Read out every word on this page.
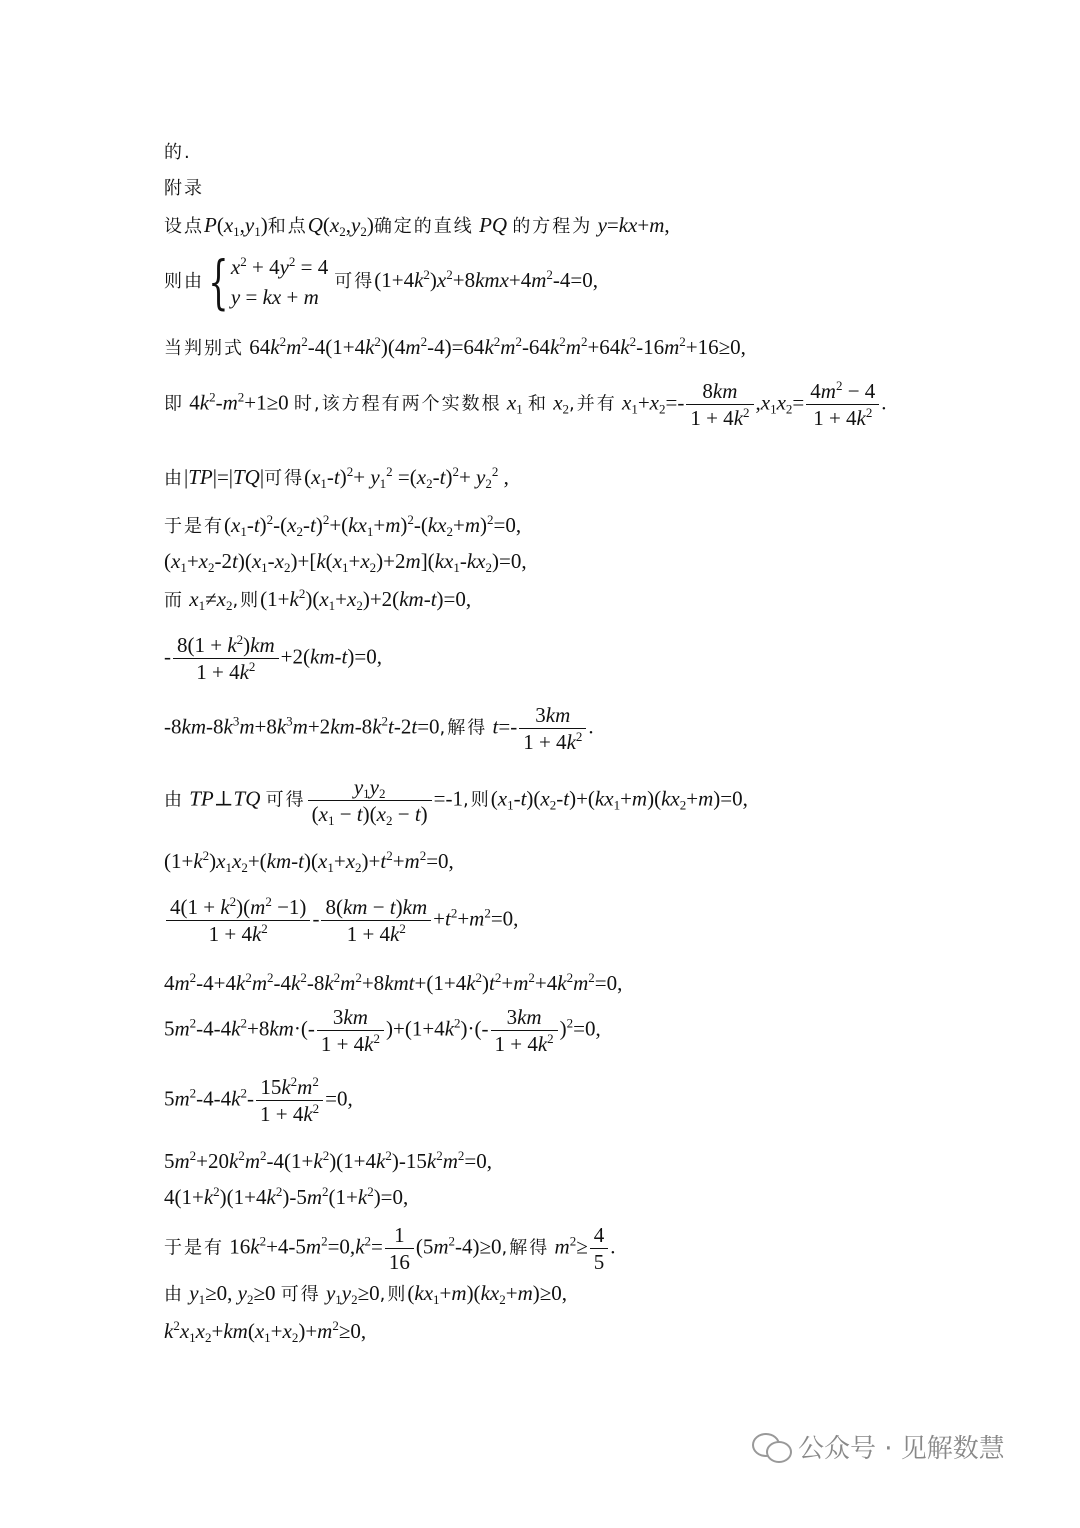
的.
附录
设点$P(x_1,y_1)$和点$Q(x_2,y_2)$确定的直线 PQ 的方程为 y=kx+m,
则由{ $x^2 + 4y^2 = 4$
y = kx + m
可得$(1+4k^2)x^2+8kmx+4m^2-4=0$,
当判别式 $64k^2m^2-4(1+4k^2)(4m^2-4)=64k^2m^2-64k^2m^2+64k^2-16m^2+16\ge 0$,
即 $4k^2-m^2+1\ge 0$ 时,该方程有两个实数根 $x_1$ 和 $x_2$,并有 $x_1+x_2=- \frac{8km}{1 + 4k^2} ,x_1x_2= \frac{4m^2 - 4}{1 + 4k^2}$ .
由|TP|=|TQ|可得$(x_1-t)^2+ y_1^2 =(x_2-t)^2+ y_2^2$ ,
于是有$(x_1-t)^2-(x_2-t)^2+(kx_1+m)^2-(kx_2+m)^2=0$,
$(x_1+x_2-2t)(x_1-x_2)+[k(x_1+x_2)+2m](kx_1-kx_2)=0$,
而 $x_1\ne x_2$,则$(1+k^2)(x_1+x_2)+2(km-t)=0$,
- $\frac{8(1 + k^2)km}{1 + 4k^2} +2(km-t)=0$,
$-8km-8k^3m+8k^3m+2km-8k^2t-2t=0$,解得 $t=- \frac{3km}{1 + 4k^2}$ .
由 TP⊥TQ 可得 $\frac{y_1y_2}{(x_1 - t)(x_2 - t)} =-1$,则$(x_1-t)(x_2-t)+(kx_1+m)(kx_2+m)=0$,
$(1+k^2)x_1x_2+(km-t)(x_1+x_2)+t^2+m^2=0$,
$\frac{4(1 + k^2)(m^2 -1)}{1 + 4k^2} - \frac{8(km - t)km}{1 + 4k^2} +t^2+m^2=0$,
$4m^2-4+4k^2m^2-4k^2-8k^2m^2+8kmt+(1+4k^2)t^2+m^2+4k^2m^2=0$,
$5m^2-4-4k^2+8km\cdot(- \frac{3km}{1 + 4k^2} )+(1+4k^2)\cdot(- \frac{3km}{1 + 4k^2} )^2=0$,
$5m^2-4-4k^2- \frac{15k^2m^2}{1 + 4k^2} =0$,
$5m^2+20k^2m^2-4(1+k^2)(1+4k^2)-15k^2m^2=0$,
$4(1+k^2)(1+4k^2)-5m^2(1+k^2)=0$,
于是有 $16k^2+4-5m^2=0,k^2= \frac{1}{16} (5m^2-4)\ge 0$,解得 $m^2\ge \frac{4}{5}$ .
由 $y_1\ge 0$, $y_2\ge 0$ 可得 $y_1y_2\ge 0$,则$(kx_1+m)(kx_2+m)\ge 0$,
$k^2x_1x_2+km(x_1+x_2)+m^2\ge 0$,
公众号 · 见解数慧
